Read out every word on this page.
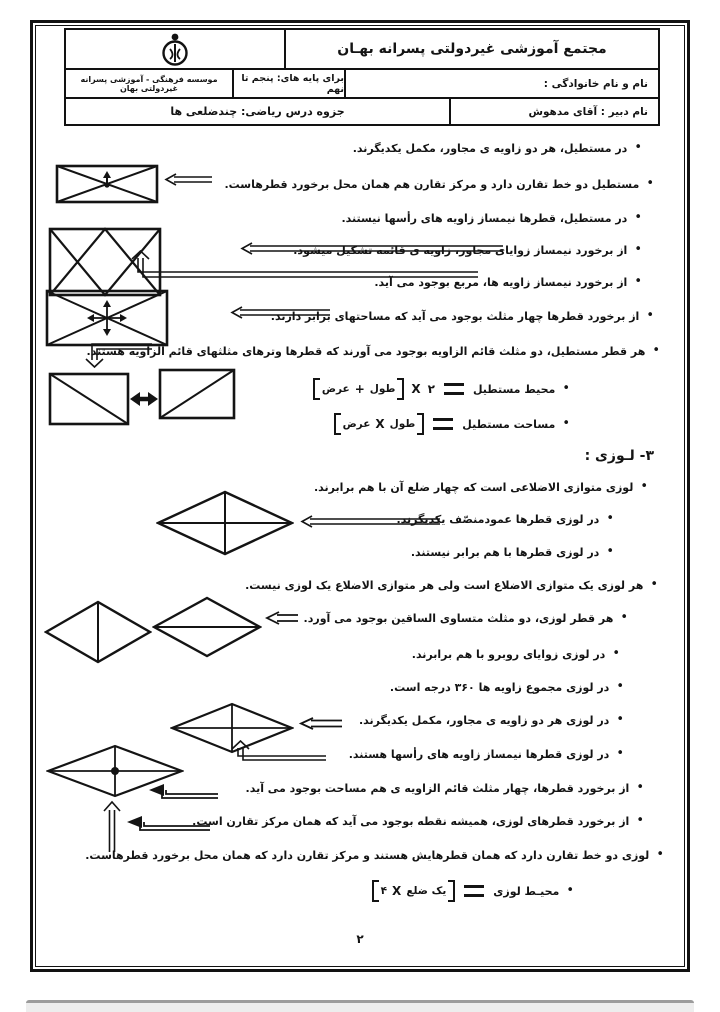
مجتمع آموزشی غیردولتی پسرانه بهـان
موسسه فرهنگی - آموزشی پسرانه غیردولتی بهان
برای پایه های: پنجم تا نهم	نام و نام خانوادگی :
جزوه درس ریاضی: چندضلعی ها	نام دبیر : آقای مدهوش
•
در مستطیل، هر دو زاویه ی مجاور، مکمل یکدیگرند.
•
مستطیل دو خط تقارن دارد و مرکز تقارن هم همان محل برخورد قطرهاست.
•
در مستطیل، قطرها نیمساز زاویه های رأسها نیستند.
•
از برخورد نیمساز زوایای مجاور، زاویه ی قائمه تشکیل میشود.
•
از برخورد نیمساز زاویه ها، مربع بوجود می آید.
•
از برخورد قطرها چهار مثلث بوجود می آید که مساحتهای برابر دارند.
•
هر قطر مستطیل، دو مثلث قائم الزاویه بوجود می آورند که قطرها وترهای مثلثهای قائم الزاویه هستند.
•
محیط مستطیل
۲
X
طول
+
عرض
•
مساحت مستطیل
طول
X
عرض
۳- لـوزی :
•
لوزی متوازی الاضلاعی است که چهار ضلع آن با هم برابرند.
•
در لوزی قطرها عمودمنصّف یکدیگرند.
•
در لوزی قطرها با هم برابر نیستند.
•
هر لوزی یک متوازی الاضلاع است ولی هر متوازی الاضلاع یک لوزی نیست.
•
هر قطر لوزی، دو مثلث متساوی الساقین بوجود می آورد.
•
در لوزی زوایای روبرو با هم برابرند.
•
در لوزی مجموع زاویه ها ۳۶۰ درجه است.
•
در لوزی هر دو زاویه ی مجاور، مکمل یکدیگرند.
•
در لوزی قطرها نیمساز زاویه های رأسها هستند.
•
از برخورد قطرها، چهار مثلث قائم الزاویه ی هم مساحت بوجود می آید.
•
از برخورد قطرهای لوزی، همیشه نقطه بوجود می آید که همان مرکز تقارن است.
•
لوزی دو خط تقارن دارد که همان قطرهایش هستند و مرکز تقارن دارد که همان محل برخورد قطرهاست.
•
محیـط لوزی
یک ضلع
X
۴
۲
